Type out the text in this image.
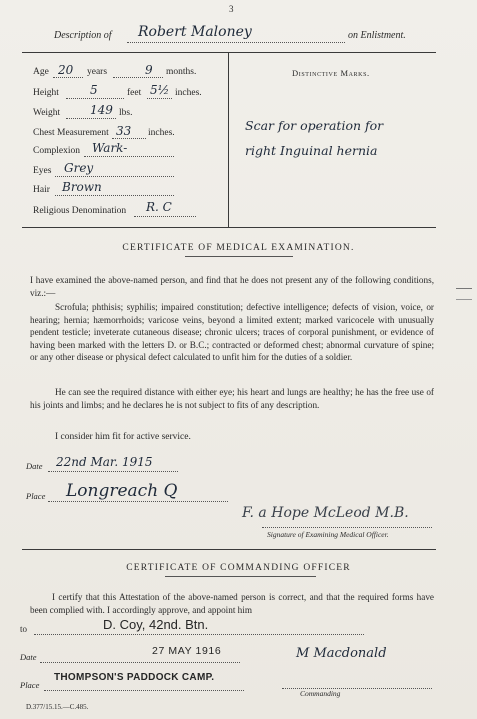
3
Description of Robert Maloney	on Enlistment.
Age 20 years	9 months.
Height	5	feet 5½ inches.
Weight 149 lbs.
Chest Measurement 33 inches.
Complexion Wark-
Eyes Grey
Hair Brown
Religious Denomination R. C
Distinctive Marks.
Scar for operation for
right Inguinal hernia
CERTIFICATE OF MEDICAL EXAMINATION.
I have examined the above-named person, and find that he does not present any of the following conditions, viz.:—
Scrofula; phthisis; syphilis; impaired constitution; defective intelligence; defects of vision, voice, or hearing; hernia; hæmorrhoids; varicose veins, beyond a limited extent; marked varicocele with unusually pendent testicle; inveterate cutaneous disease; chronic ulcers; traces of corporal punishment, or evidence of having been marked with the letters D. or B.C.; contracted or deformed chest; abnormal curvature of spine; or any other disease or physical defect calculated to unfit him for the duties of a soldier.
He can see the required distance with either eye; his heart and lungs are healthy; he has the free use of his joints and limbs; and he declares he is not subject to fits of any description.
I consider him fit for active service.
Date 22nd Mar. 1915
Place Longreach Q
F. a Hope McLeod M.B.
Signature of Examining Medical Officer.
CERTIFICATE OF COMMANDING OFFICER
I certify that this Attestation of the above-named person is correct, and that the required forms have been complied with. I accordingly approve, and appoint him
to	D. Coy, 42nd. Btn.
Date	27 MAY 1916	M Macdonald
Place
THOMPSON'S PADDOCK CAMP.
Commanding
D.377/15.15.—C.485.
